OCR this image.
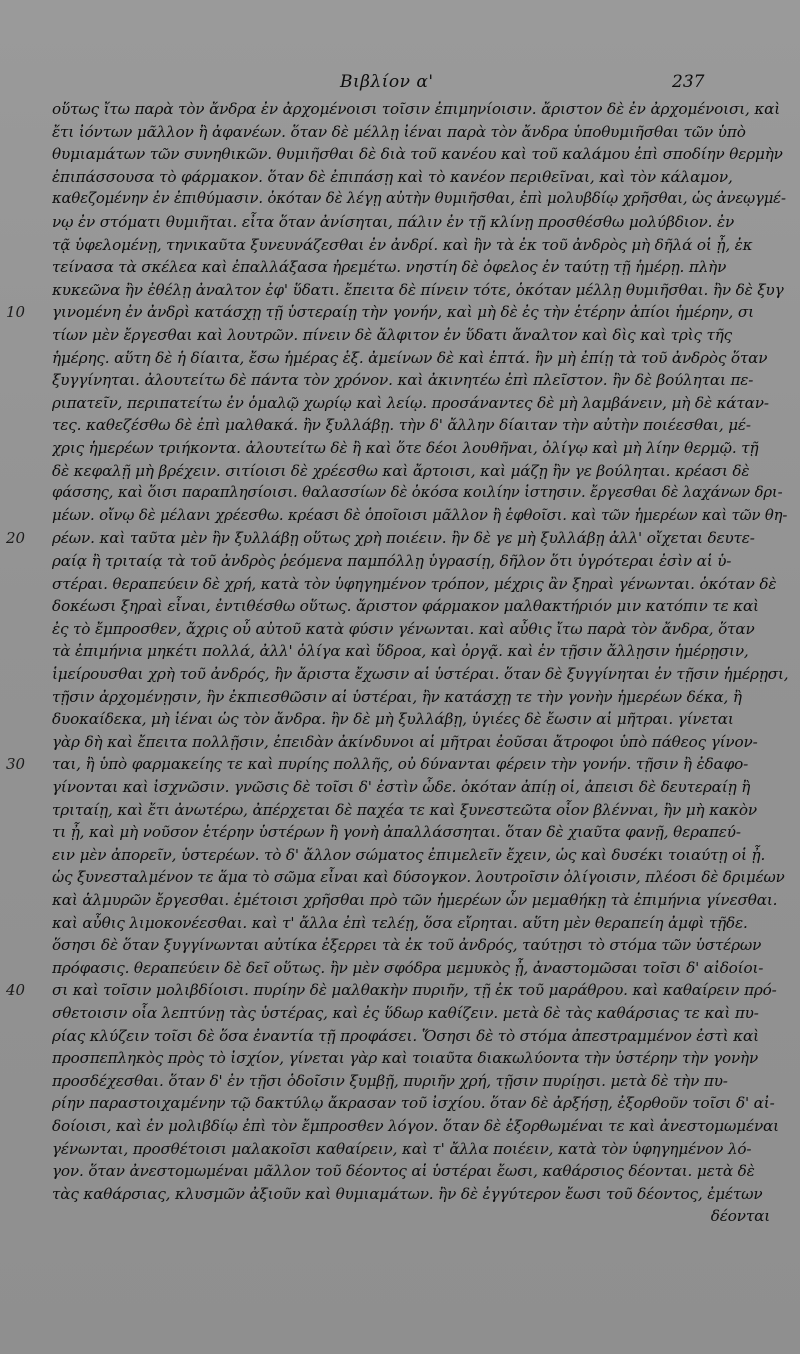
Βιβλίον α'	237
οὕτως ἴτω παρὰ τὸν ἄνδρα ἐν ἀρχομένοισι τοῖσιν ἐπιμηνίοισιν. ἄριστον δὲ ἐν ἀρχομένοισι, καὶ
ἔτι ἰόντων μᾶλλον ἢ ἀφανέων. ὅταν δὲ μέλλῃ ἰέναι παρὰ τὸν ἄνδρα ὑποθυμιῆσθαι τῶν ὑπὸ
θυμιαμάτων τῶν συνηθικῶν. θυμιῆσθαι δὲ διὰ τοῦ κανέου καὶ τοῦ καλάμου ἐπὶ σποδίην θερμὴν
ἐπιπάσσουσα τὸ φάρμακον. ὅταν δὲ ἐπιπάσῃ καὶ τὸ κανέον περιθεῖναι, καὶ τὸν κάλαμον,
καθεζομένην ἐν ἐπιθύμασιν. ὁκόταν δὲ λέγῃ αὐτὴν θυμιῆσθαι, ἐπὶ μολυβδίῳ χρῆσθαι, ὡς ἀνεῳγμέ-
νῳ ἐν στόματι θυμιῆται. εἶτα ὅταν ἀνίσηται, πάλιν ἐν τῇ κλίνῃ προσθέσθω μολύβδιον. ἐν
τᾷ ὑφελομένῃ, τηνικαῦτα ξυνευνάζεσθαι ἐν ἀνδρί. καὶ ἢν τὰ ἐκ τοῦ ἀνδρὸς μὴ δῆλά οἱ ᾖ, ἐκ
τείνασα τὰ σκέλεα καὶ ἐπαλλάξασα ἠρεμέτω. νηστίη δὲ ὀφελος ἐν ταύτῃ τῇ ἡμέρῃ. πλὴν
κυκεῶνα ἢν ἐθέλῃ ἀναλτον ἐφ' ὕδατι. ἔπειτα δὲ πίνειν τότε, ὁκόταν μέλλῃ θυμιῆσθαι. ἢν δὲ ξυγ
10	γινομένη ἐν ἀνδρὶ κατάσχῃ τῇ ὑστεραίῃ τὴν γονήν, καὶ μὴ δὲ ἐς τὴν ἑτέρην ἀπίοι ἡμέρην, σι
τίων μὲν ἔργεσθαι καὶ λουτρῶν. πίνειν δὲ ἄλφιτον ἐν ὕδατι ἄναλτον καὶ δὶς καὶ τρὶς τῆς
ἡμέρης. αὕτη δὲ ἡ δίαιτα, ἔσω ἡμέρας ἑξ. ἀμείνων δὲ καὶ ἑπτά. ἢν μὴ ἐπίῃ τὰ τοῦ ἀνδρὸς ὅταν
ξυγγίνηται. ἀλουτείτω δὲ πάντα τὸν χρόνον. καὶ ἀκινητέω ἐπὶ πλεῖστον. ἢν δὲ βούληται πε-
ριπατεῖν, περιπατείτω ἐν ὁμαλῷ χωρίῳ καὶ λείῳ. προσάναντες δὲ μὴ λαμβάνειν, μὴ δὲ κάταν-
τες. καθεζέσθω δὲ ἐπὶ μαλθακά. ἢν ξυλλάβῃ. τὴν δ' ἄλλην δίαιταν τὴν αὐτὴν ποιέεσθαι, μέ-
χρις ἡμερέων τριήκοντα. ἀλουτείτω δὲ ἢ καὶ ὅτε δέοι λουθῆναι, ὀλίγῳ καὶ μὴ λίην θερμῷ. τῇ
δὲ κεφαλῇ μὴ βρέχειν. σιτίοισι δὲ χρέεσθω καὶ ἄρτοισι, καὶ μάζῃ ἢν γε βούληται. κρέασι δὲ
φάσσης, καὶ ὅισι παραπλησίοισι. θαλασσίων δὲ ὁκόσα κοιλίην ἱστησιν. ἔργεσθαι δὲ λαχάνων δρι-
μέων. οἴνῳ δὲ μέλανι χρέεσθω. κρέασι δὲ ὁποῖοισι μᾶλλον ἢ ἑφθοῖσι. καὶ τῶν ἡμερέων καὶ τῶν θη-
20	ρέων. καὶ ταῦτα μὲν ἢν ξυλλάβῃ οὕτως χρὴ ποιέειν. ἢν δὲ γε μὴ ξυλλάβῃ ἀλλ' οἴχεται δευτε-
ραίᾳ ἢ τριταίᾳ τὰ τοῦ ἀνδρὸς ῥεόμενα παμπόλλῃ ὑγρασίῃ, δῆλον ὅτι ὑγρότεραι ἐσὶν αἱ ὑ-
στέραι. θεραπεύειν δὲ χρή, κατὰ τὸν ὑφηγημένον τρόπον, μέχρις ἂν ξηραὶ γένωνται. ὁκόταν δὲ
δοκέωσι ξηραὶ εἶναι, ἐντιθέσθω οὕτως. ἄριστον φάρμακον μαλθακτήριόν μιν κατόπιν τε καὶ
ἐς τὸ ἔμπροσθεν, ἄχρις οὗ αὐτοῦ κατὰ φύσιν γένωνται. καὶ αὖθις ἴτω παρὰ τὸν ἄνδρα, ὅταν
τὰ ἐπιμήνια μηκέτι πολλά, ἀλλ' ὀλίγα καὶ ὕδροα, καὶ ὀργᾷ. καὶ ἐν τῇσιν ἄλλῃσιν ἡμέρῃσιν,
ἱμείρουσθαι χρὴ τοῦ ἀνδρός, ἢν ἄριστα ἔχωσιν αἱ ὑστέραι. ὅταν δὲ ξυγγίνηται ἐν τῇσιν ἡμέρῃσι,
τῇσιν ἀρχομένῃσιν, ἢν ἐκπιεσθῶσιν αἱ ὑστέραι, ἢν κατάσχῃ τε τὴν γονὴν ἡμερέων δέκα, ἢ
δυοκαίδεκα, μὴ ἰέναι ὡς τὸν ἄνδρα. ἢν δὲ μὴ ξυλλάβῃ, ὑγιέες δὲ ἔωσιν αἱ μῆτραι. γίνεται
γὰρ δὴ καὶ ἔπειτα πολλῇσιν, ἐπειδὰν ἀκίνδυνοι αἱ μῆτραι ἐοῦσαι ἄτροφοι ὑπὸ πάθεος γίνον-
30	ται, ἢ ὑπὸ φαρμακείης τε καὶ πυρίης πολλῆς, οὐ δύνανται φέρειν τὴν γονήν. τῇσιν ἢ ἐδαφο-
γίνονται καὶ ἰσχνῶσιν. γνῶσις δὲ τοῖσι δ' ἐστὶν ὧδε. ὁκόταν ἀπίῃ οἱ, ἀπεισι δὲ δευτεραίῃ ἢ
τριταίῃ, καὶ ἔτι ἀνωτέρω, ἀπέρχεται δὲ παχέα τε καὶ ξυνεστεῶτα οἷον βλένναι, ἢν μὴ κακὸν
τι ᾖ, καὶ μὴ νοῦσον ἑτέρην ὑστέρων ἢ γονὴ ἀπαλλάσσηται. ὅταν δὲ χιαῦτα φανῇ, θεραπεύ-
ειν μὲν ἀπορεῖν, ὑστερέων. τὸ δ' ἄλλον σώματος ἐπιμελεῖν ἔχειν, ὡς καὶ δυσέκι τοιαύτῃ οἱ ᾖ.
ὡς ξυνεσταλμένον τε ἅμα τὸ σῶμα εἶναι καὶ δύσογκον. λουτροῖσιν ὀλίγοισιν, πλέοσι δὲ δριμέων
καὶ ἁλμυρῶν ἔργεσθαι. ἐμέτοισι χρῆσθαι πρὸ τῶν ἡμερέων ὧν μεμαθήκῃ τὰ ἐπιμήνια γίνεσθαι.
καὶ αὖθις λιμοκονέεσθαι. καὶ τ' ἄλλα ἐπὶ τελέῃ, ὅσα εἴρηται. αὕτη μὲν θεραπείη ἀμφὶ τῇδε.
ὅσησι δὲ ὅταν ξυγγίνωνται αὐτίκα ἐξερρει τὰ ἐκ τοῦ ἀνδρός, ταύτῃσι τὸ στόμα τῶν ὑστέρων
πρόφασις. θεραπεύειν δὲ δεῖ οὕτως. ἢν μὲν σφόδρα μεμυκὸς ᾖ, ἀναστομῶσαι τοῖσι δ' αἰδοίοι-
40	σι καὶ τοῖσιν μολιβδίοισι. πυρίην δὲ μαλθακὴν πυριῆν, τῇ ἐκ τοῦ μαράθρου. καὶ καθαίρειν πρό-
σθετοισιν οἷα λεπτύνῃ τὰς ὑστέρας, καὶ ἐς ὕδωρ καθίζειν. μετὰ δὲ τὰς καθάρσιας τε καὶ πυ-
ρίας κλύζειν τοῖσι δὲ ὅσα ἐναντία τῇ προφάσει. Ὅσησι δὲ τὸ στόμα ἀπεστραμμένον ἐστὶ καὶ
προσπεπληκὸς πρὸς τὸ ἰσχίον, γίνεται γὰρ καὶ τοιαῦτα διακωλύοντα τὴν ὑστέρην τὴν γονὴν
προσδέχεσθαι. ὅταν δ' ἐν τῇσι ὁδοῖσιν ξυμβῇ, πυριῆν χρή, τῇσιν πυρίῃσι. μετὰ δὲ τὴν πυ-
ρίην παραστοιχαμένην τῷ δακτύλῳ ἄκρασαν τοῦ ἰσχίου. ὅταν δὲ ἀρξήσῃ, ἐξορθοῦν τοῖσι δ' αἰ-
δοίοισι, καὶ ἐν μολιβδίῳ ἐπὶ τὸν ἔμπροσθεν λόγον. ὅταν δὲ ἐξορθωμέναι τε καὶ ἀνεστομωμέναι
γένωνται, προσθέτοισι μαλακοῖσι καθαίρειν, καὶ τ' ἄλλα ποιέειν, κατὰ τὸν ὑφηγημένον λό-
γον. ὅταν ἀνεστομωμέναι μᾶλλον τοῦ δέοντος αἱ ὑστέραι ἔωσι, καθάρσιος δέονται. μετὰ δὲ
τὰς καθάρσιας, κλυσμῶν ἀξιοῦν καὶ θυμιαμάτων. ἢν δὲ ἐγγύτερον ἔωσι τοῦ δέοντος, ἐμέτων
δέονται
